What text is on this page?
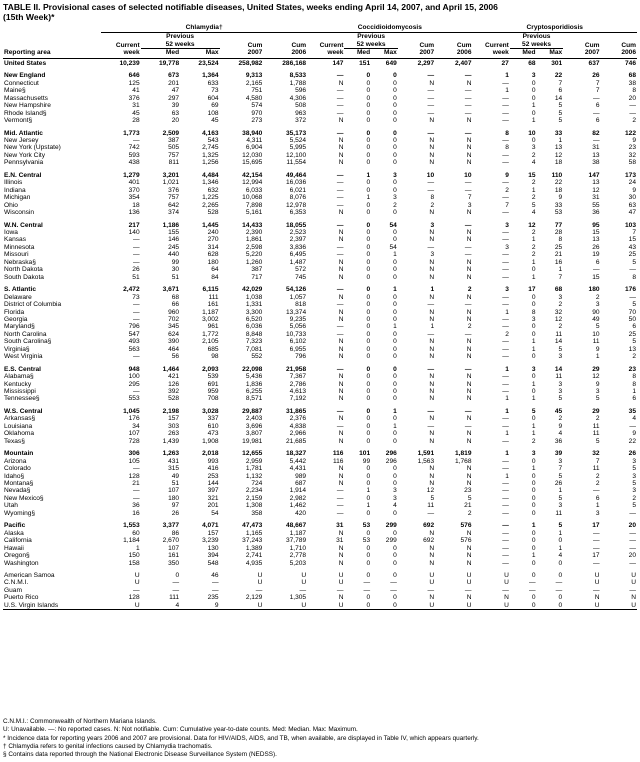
TABLE II. Provisional cases of selected notifiable diseases, United States, weeks ending April 14, 2007, and April 15, 2006
(15th Week)*
	Chlamydia†					Coccidioidomycosis					Cryptosporidiosis				
		Previous					Previous					Previous			
	Current	52 weeks		Cum	Cum	Current	52 weeks		Cum	Cum	Current	52 weeks		Cum	Cum
Reporting area	week	Med	Max	2007	2006	week	Med	Max	2007	2006	week	Med	Max	2007	2006
United States	10,239	19,778	23,524	258,982	286,168	147	151	649	2,297	2,407	27	68	301	637	746

New England	646	673	1,364	9,313	8,533	—	0	0	—	—	1	3	22	26	68
Connecticut	125	201	633	2,165	1,788	N	0	0	N	N	—	0	7	7	38
Maine§	41	47	73	751	596	—	0	0	—	—	1	0	6	7	8
Massachusetts	376	297	604	4,580	4,306	—	0	0	—	—	—	0	14	—	20
New Hampshire	31	39	69	574	508	—	0	0	—	—	—	1	5	6	—
Rhode Island§	45	63	108	970	963	—	0	0	—	—	—	0	5	—	—
Vermont§	28	20	45	273	372	N	0	0	N	N	—	1	5	6	2

Mid. Atlantic	1,773	2,509	4,163	38,940	35,173	—	0	0	—	—	8	10	33	82	122
New Jersey	—	387	543	4,311	5,524	N	0	0	N	N	—	0	1	—	9
New York (Upstate)	742	505	2,745	6,904	5,995	N	0	0	N	N	8	3	13	31	23
New York City	593	757	1,325	12,030	12,100	N	0	0	N	N	—	2	12	13	32
Pennsylvania	438	811	1,256	15,695	11,554	N	0	0	N	N	—	4	18	38	58

E.N. Central	1,279	3,201	4,484	42,154	49,464	—	1	3	10	10	9	15	110	147	173
Illinois	401	1,021	1,346	12,994	16,036	—	0	0	—	—	—	2	22	13	24
Indiana	370	376	632	6,033	6,021	—	0	0	—	—	2	1	18	12	9
Michigan	354	757	1,225	10,068	8,076	—	1	3	8	7	—	2	9	31	30
Ohio	18	642	2,265	7,898	12,978	—	0	2	2	3	7	5	33	55	63
Wisconsin	136	374	528	5,161	6,353	N	0	0	N	N	—	4	53	36	47

W.N. Central	217	1,186	1,445	14,433	18,055	—	0	54	3	—	3	12	77	95	103
Iowa	140	155	240	2,390	2,523	N	0	0	N	N	—	2	28	15	7
Kansas	—	146	270	1,861	2,397	N	0	0	N	N	—	1	8	13	15
Minnesota	—	245	314	2,598	3,836	—	0	54	—	—	3	2	25	26	43
Missouri	—	440	628	5,220	6,495	—	0	1	3	—	—	2	21	19	25
Nebraska§	—	99	180	1,260	1,487	N	0	0	N	N	—	1	16	6	5
North Dakota	26	30	64	387	572	N	0	0	N	N	—	0	1	—	—
South Dakota	51	51	84	717	745	N	0	0	N	N	—	1	7	15	8

S. Atlantic	2,472	3,671	6,115	42,029	54,126	—	0	1	1	2	3	17	68	180	176
Delaware	73	68	111	1,038	1,057	N	0	0	N	N	—	0	3	2	—
District of Columbia	—	66	161	1,331	818	—	0	0	—	—	—	0	2	3	5
Florida	—	960	1,187	3,300	13,374	N	0	0	N	N	1	8	32	90	70
Georgia	—	702	3,002	6,520	9,235	N	0	0	N	N	—	3	12	49	50
Maryland§	796	345	961	6,036	5,056	—	0	1	1	2	—	0	2	5	6
North Carolina	547	624	1,772	8,848	10,733	—	0	0	—	—	2	0	11	10	25
South Carolina§	493	390	2,105	7,323	6,102	N	0	0	N	N	—	1	14	11	5
Virginia§	563	464	685	7,081	6,955	N	0	0	N	N	—	1	5	9	13
West Virginia	—	56	98	552	796	N	0	0	N	N	—	0	3	1	2

E.S. Central	948	1,464	2,093	22,098	21,958	—	0	0	—	—	1	3	14	29	23
Alabama§	100	421	539	5,436	7,367	N	0	0	N	N	—	0	11	12	8
Kentucky	295	126	691	1,836	2,786	N	0	0	N	N	—	1	3	9	8
Mississippi	—	392	959	6,255	4,613	N	0	0	N	N	—	0	3	3	1
Tennessee§	553	528	708	8,571	7,192	N	0	0	N	N	1	1	5	5	6

W.S. Central	1,045	2,198	3,028	29,887	31,865	—	0	1	—	—	1	5	45	29	35
Arkansas§	176	157	337	2,403	2,376	N	0	0	N	N	—	0	2	2	4
Louisiana	34	303	610	3,696	4,838	—	0	1	—	—	—	1	9	11	—
Oklahoma	107	263	473	3,807	2,966	N	0	0	N	N	1	1	4	11	9
Texas§	728	1,439	1,908	19,981	21,685	N	0	0	N	N	—	2	36	5	22

Mountain	306	1,263	2,018	12,655	18,327	116	101	296	1,591	1,819	1	3	39	32	26
Arizona	105	431	993	2,959	5,442	116	99	296	1,563	1,768	—	0	3	7	3
Colorado	—	315	416	1,781	4,431	N	0	0	N	N	—	1	7	11	5
Idaho§	128	49	253	1,132	989	N	0	0	N	N	1	0	5	2	3
Montana§	21	51	144	724	687	N	0	0	N	N	—	0	26	2	5
Nevada§	—	107	397	2,234	1,914	—	1	3	12	23	—	0	1	—	3
New Mexico§	—	180	321	2,159	2,982	—	0	3	5	5	—	0	5	6	2
Utah	36	97	201	1,308	1,462	—	1	4	11	21	—	0	3	1	5
Wyoming§	16	26	54	358	420	—	0	0	—	2	—	0	11	3	—

Pacific	1,553	3,377	4,071	47,473	48,667	31	53	299	692	576	—	1	5	17	20
Alaska	60	86	157	1,165	1,187	N	0	0	N	N	—	0	1	—	—
California	1,184	2,670	3,239	37,243	37,789	31	53	299	692	576	—	0	0	—	—
Hawaii	1	107	130	1,389	1,710	N	0	0	N	N	—	0	1	—	—
Oregon§	150	161	394	2,741	2,778	N	0	0	N	N	—	1	4	17	20
Washington	158	350	548	4,935	5,203	N	0	0	N	N	—	0	0	—	—

American Samoa	U	0	46	U	U	U	0	0	U	U	U	0	0	U	U
C.N.M.I.	U	—	—	U	U	U	—	—	U	U	U	—	—	U	U
Guam	—	—	—	—	—	—	—	—	—	—	—	—	—	—	—
Puerto Rico	128	111	235	2,129	1,305	N	0	0	N	N	N	0	0	N	N
U.S. Virgin Islands	U	4	9	U	U	U	0	0	U	U	U	0	0	U	U
C.N.M.I.: Commonwealth of Northern Mariana Islands.
U: Unavailable. —: No reported cases. N: Not notifiable. Cum: Cumulative year-to-date counts. Med: Median. Max: Maximum.
* Incidence data for reporting years 2006 and 2007 are provisional. Data for HIV/AIDS, AIDS, and TB, when available, are displayed in Table IV, which appears quarterly.
† Chlamydia refers to genital infections caused by Chlamydia trachomatis.
§ Contains data reported through the National Electronic Disease Surveillance System (NEDSS).
